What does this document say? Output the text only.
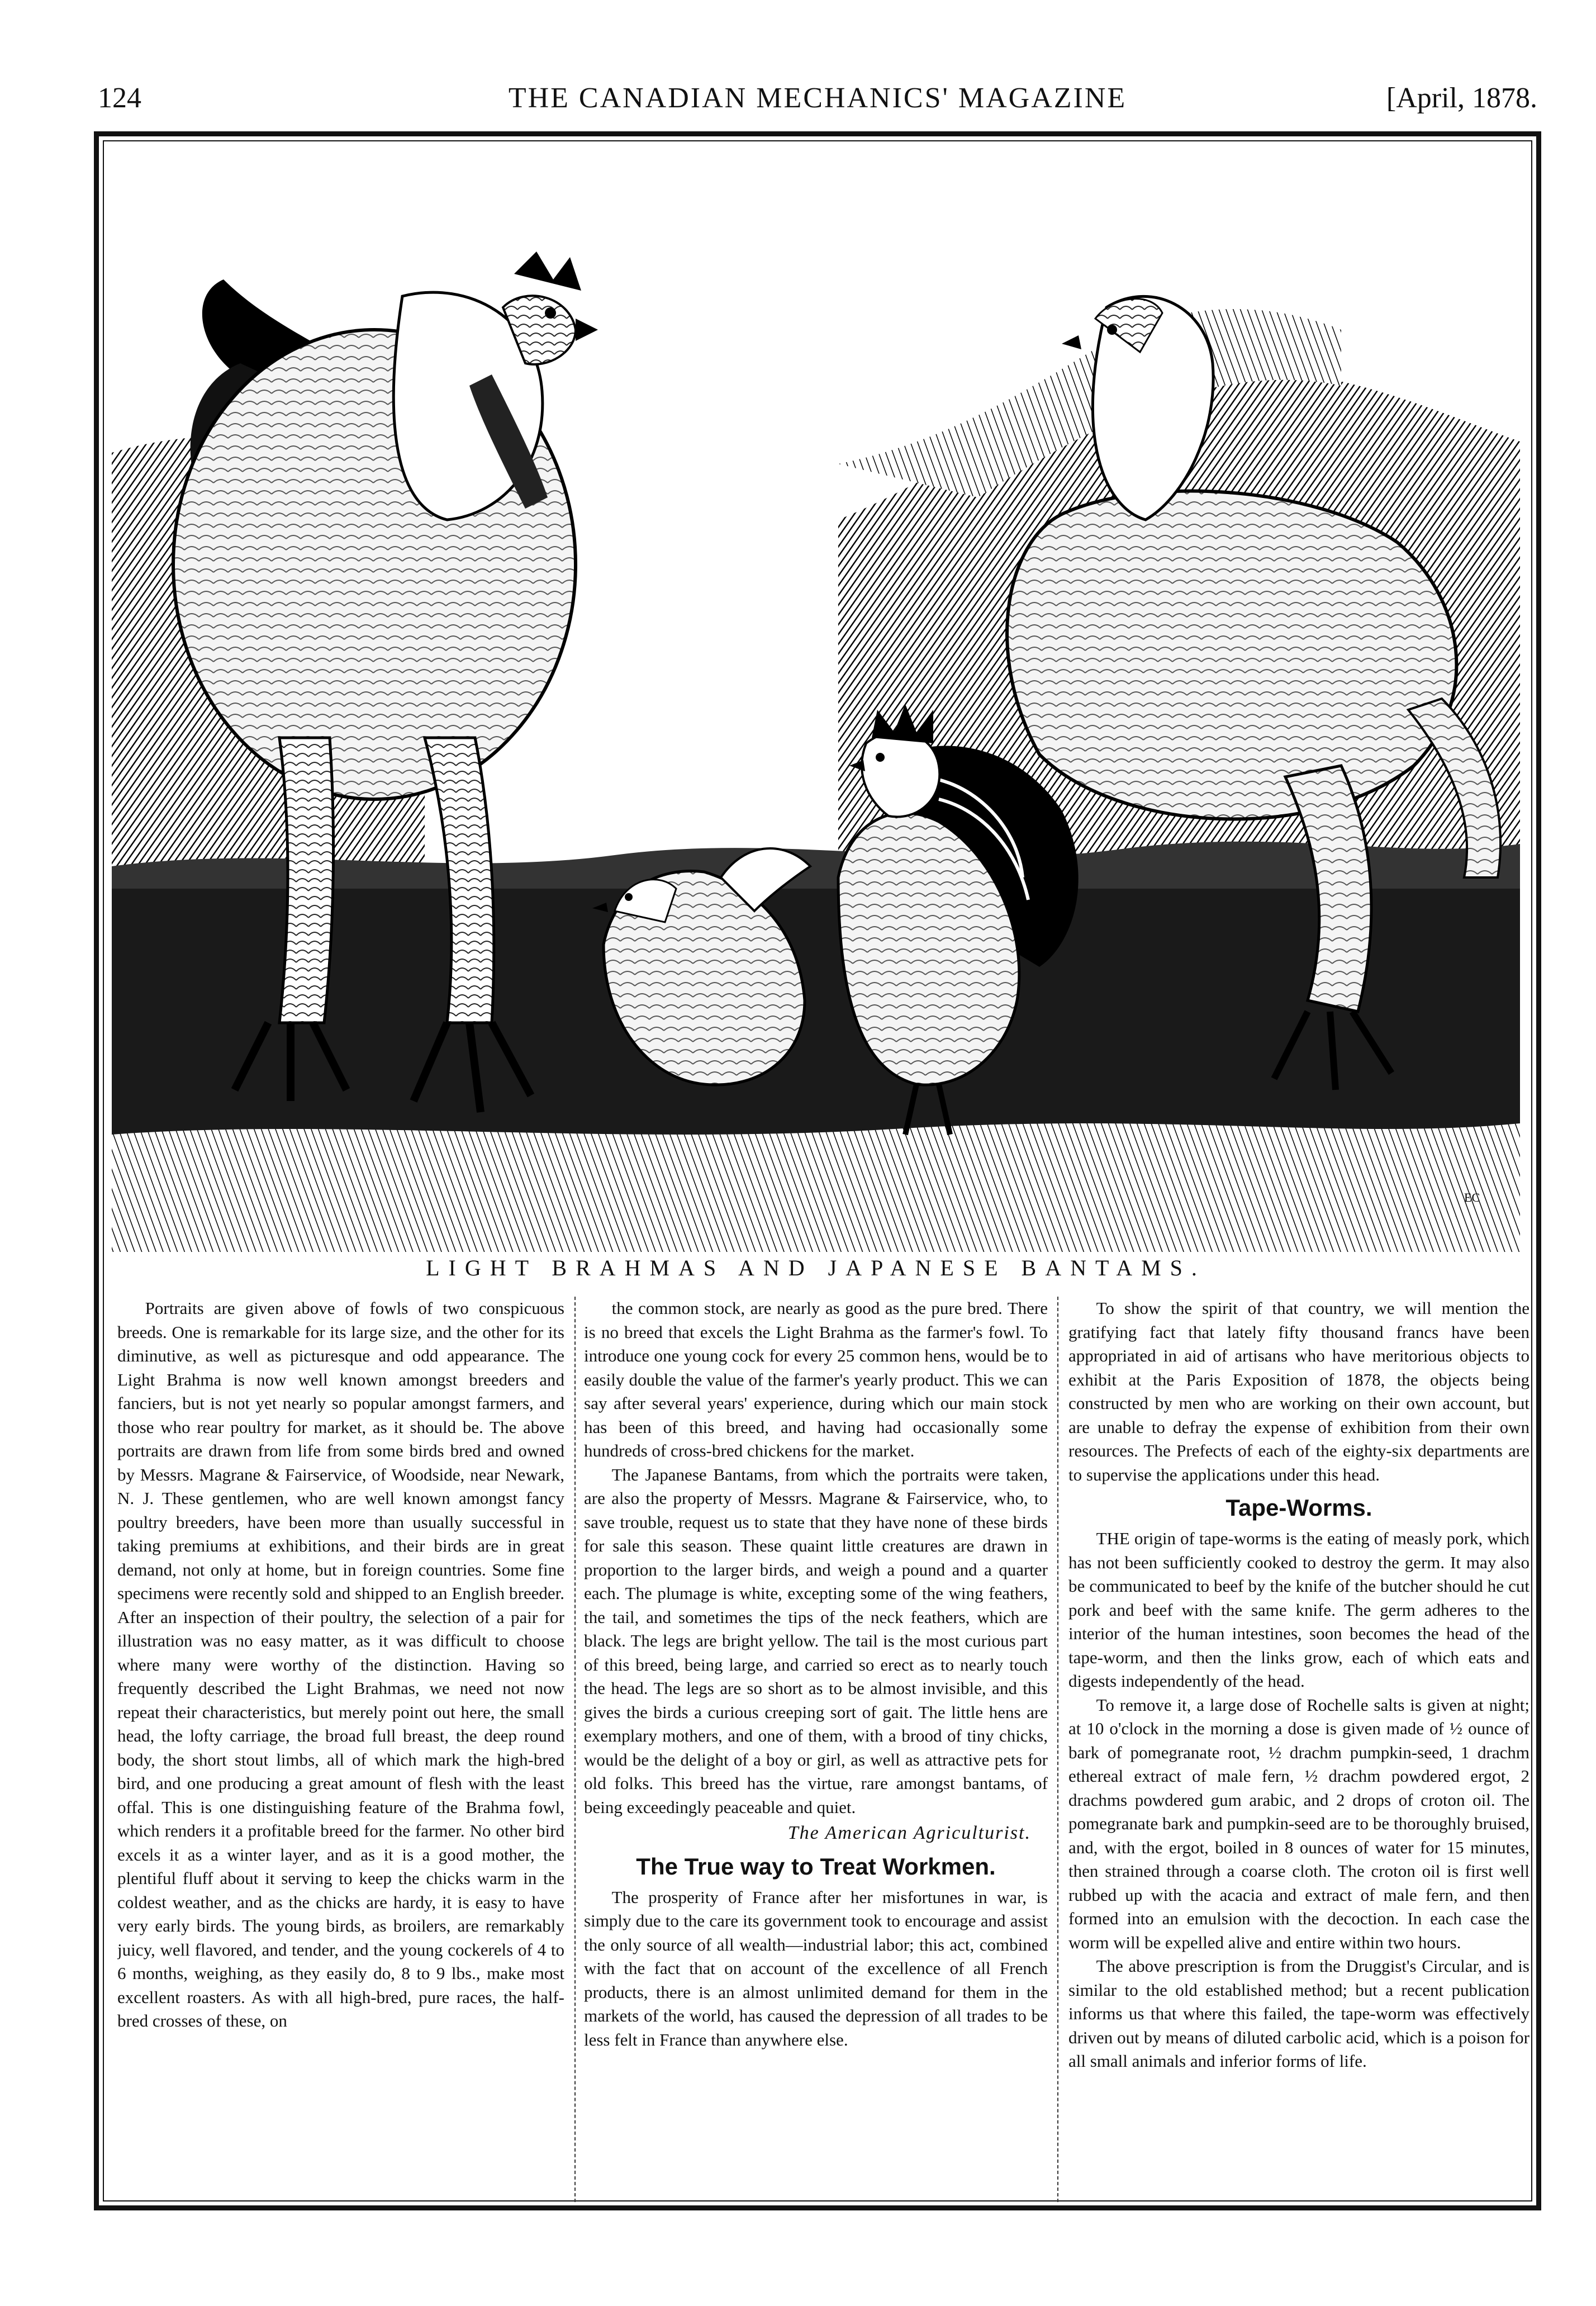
124	THE CANADIAN MECHANICS' MAGAZINE	[April, 1878.
EC
LIGHT BRAHMAS AND JAPANESE BANTAMS.

Portraits are given above of fowls of two conspicuous breeds. One is remarkable for its large size, and the other for its diminutive, as well as picturesque and odd appearance. The Light Brahma is now well known amongst breeders and fanciers, but is not yet nearly so popular amongst farmers, and those who rear poultry for market, as it should be. The above portraits are drawn from life from some birds bred and owned by Messrs. Magrane & Fairservice, of Woodside, near Newark, N. J. These gentlemen, who are well known amongst fancy poultry breeders, have been more than usually successful in taking premiums at exhibitions, and their birds are in great demand, not only at home, but in foreign countries. Some fine specimens were recently sold and shipped to an English breeder. After an inspection of their poultry, the selection of a pair for illustration was no easy matter, as it was difficult to choose where many were worthy of the distinction. Having so frequently described the Light Brahmas, we need not now repeat their characteristics, but merely point out here, the small head, the lofty carriage, the broad full breast, the deep round body, the short stout limbs, all of which mark the high-bred bird, and one producing a great amount of flesh with the least offal. This is one distinguishing feature of the Brahma fowl, which renders it a profitable breed for the farmer. No other bird excels it as a winter layer, and as it is a good mother, the plentiful fluff about it serving to keep the chicks warm in the coldest weather, and as the chicks are hardy, it is easy to have very early birds. The young birds, as broilers, are remarkably juicy, well flavored, and tender, and the young cockerels of 4 to 6 months, weighing, as they easily do, 8 to 9 lbs., make most excellent roasters. As with all high-bred, pure races, the half-bred crosses of these, on

the common stock, are nearly as good as the pure bred. There is no breed that excels the Light Brahma as the farmer's fowl. To introduce one young cock for every 25 common hens, would be to easily double the value of the farmer's yearly product. This we can say after several years' experience, during which our main stock has been of this breed, and having had occasionally some hundreds of cross-bred chickens for the market.

The Japanese Bantams, from which the portraits were taken, are also the property of Messrs. Magrane & Fairservice, who, to save trouble, request us to state that they have none of these birds for sale this season. These quaint little creatures are drawn in proportion to the larger birds, and weigh a pound and a quarter each. The plumage is white, excepting some of the wing feathers, the tail, and sometimes the tips of the neck feathers, which are black. The legs are bright yellow. The tail is the most curious part of this breed, being large, and carried so erect as to nearly touch the head. The legs are so short as to be almost invisible, and this gives the birds a curious creeping sort of gait. The little hens are exemplary mothers, and one of them, with a brood of tiny chicks, would be the delight of a boy or girl, as well as attractive pets for old folks. This breed has the virtue, rare amongst bantams, of being exceedingly peaceable and quiet.

The American Agriculturist.
The True way to Treat Workmen.

The prosperity of France after her misfortunes in war, is simply due to the care its government took to encourage and assist the only source of all wealth—industrial labor; this act, combined with the fact that on account of the excellence of all French products, there is an almost unlimited demand for them in the markets of the world, has caused the depression of all trades to be less felt in France than anywhere else.

To show the spirit of that country, we will mention the gratifying fact that lately fifty thousand francs have been appropriated in aid of artisans who have meritorious objects to exhibit at the Paris Exposition of 1878, the objects being constructed by men who are working on their own account, but are unable to defray the expense of exhibition from their own resources. The Prefects of each of the eighty-six departments are to supervise the applications under this head.

Tape-Worms.

THE origin of tape-worms is the eating of measly pork, which has not been sufficiently cooked to destroy the germ. It may also be communicated to beef by the knife of the butcher should he cut pork and beef with the same knife. The germ adheres to the interior of the human intestines, soon becomes the head of the tape-worm, and then the links grow, each of which eats and digests independently of the head.

To remove it, a large dose of Rochelle salts is given at night; at 10 o'clock in the morning a dose is given made of ½ ounce of bark of pomegranate root, ½ drachm pumpkin-seed, 1 drachm ethereal extract of male fern, ½ drachm powdered ergot, 2 drachms powdered gum arabic, and 2 drops of croton oil. The pomegranate bark and pumpkin-seed are to be thoroughly bruised, and, with the ergot, boiled in 8 ounces of water for 15 minutes, then strained through a coarse cloth. The croton oil is first well rubbed up with the acacia and extract of male fern, and then formed into an emulsion with the decoction. In each case the worm will be expelled alive and entire within two hours.

The above prescription is from the Druggist's Circular, and is similar to the old established method; but a recent publication informs us that where this failed, the tape-worm was effectively driven out by means of diluted carbolic acid, which is a poison for all small animals and inferior forms of life.
